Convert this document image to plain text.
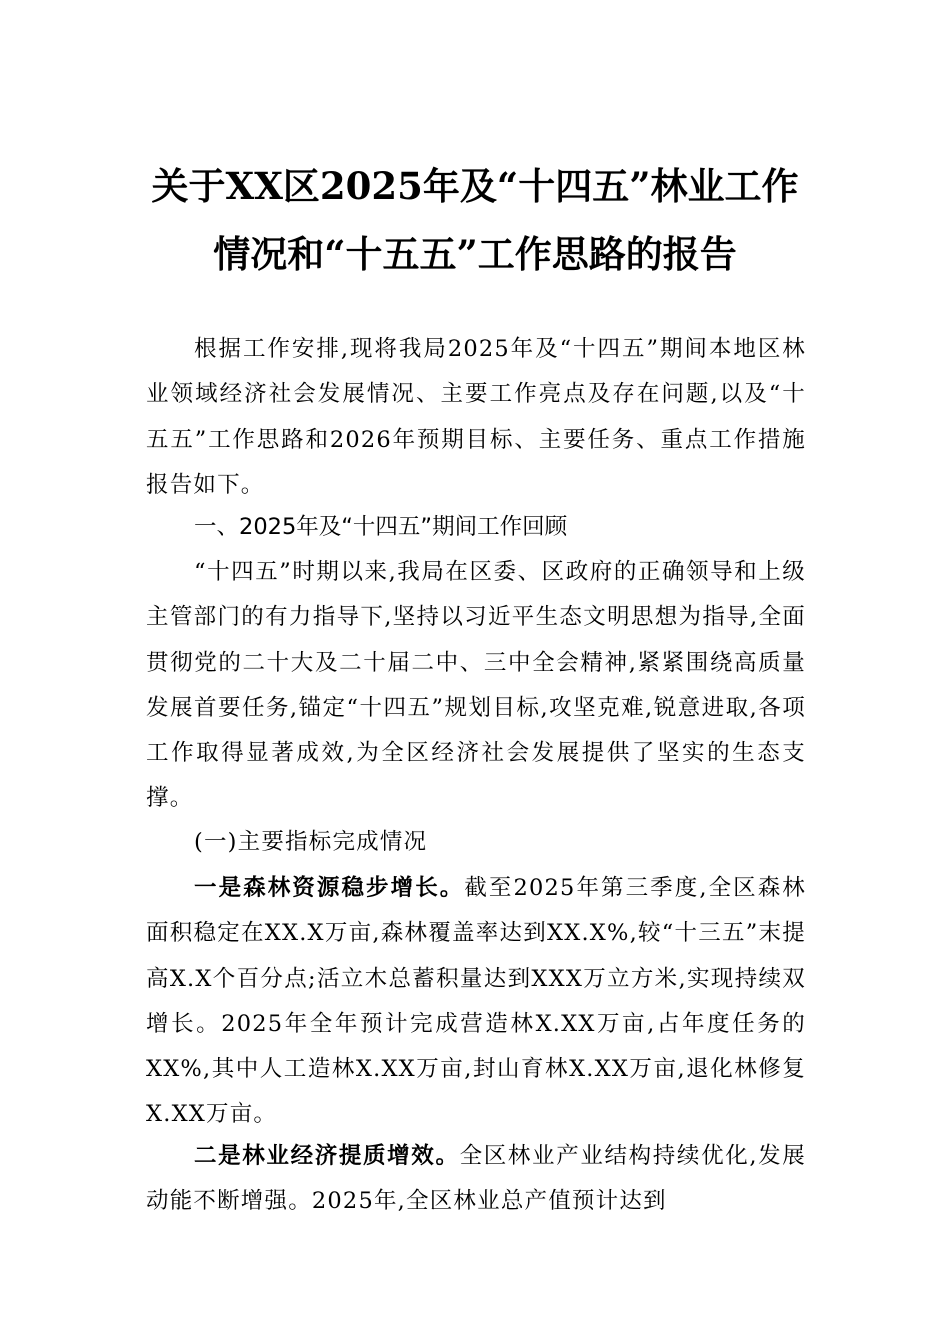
关于XX区2025年及“十四五”林业工作
情况和“十五五”工作思路的报告
根据工作安排,现将我局2025年及“十四五”期间本地区林业领域经济社会发展情况、主要工作亮点及存在问题,以及“十五五”工作思路和2026年预期目标、主要任务、重点工作措施报告如下。
一、2025年及“十四五”期间工作回顾
“十四五”时期以来,我局在区委、区政府的正确领导和上级主管部门的有力指导下,坚持以习近平生态文明思想为指导,全面贯彻党的二十大及二十届二中、三中全会精神,紧紧围绕高质量发展首要任务,锚定“十四五”规划目标,攻坚克难,锐意进取,各项工作取得显著成效,为全区经济社会发展提供了坚实的生态支撑。
(一)主要指标完成情况
一是森林资源稳步增长。截至2025年第三季度,全区森林面积稳定在XX.X万亩,森林覆盖率达到XX.X%,较“十三五”末提高X.X个百分点;活立木总蓄积量达到XXX万立方米,实现持续双增长。2025年全年预计完成营造林X.XX万亩,占年度任务的XX%,其中人工造林X.XX万亩,封山育林X.XX万亩,退化林修复X.XX万亩。
二是林业经济提质增效。全区林业产业结构持续优化,发展动能不断增强。2025年,全区林业总产值预计达到
